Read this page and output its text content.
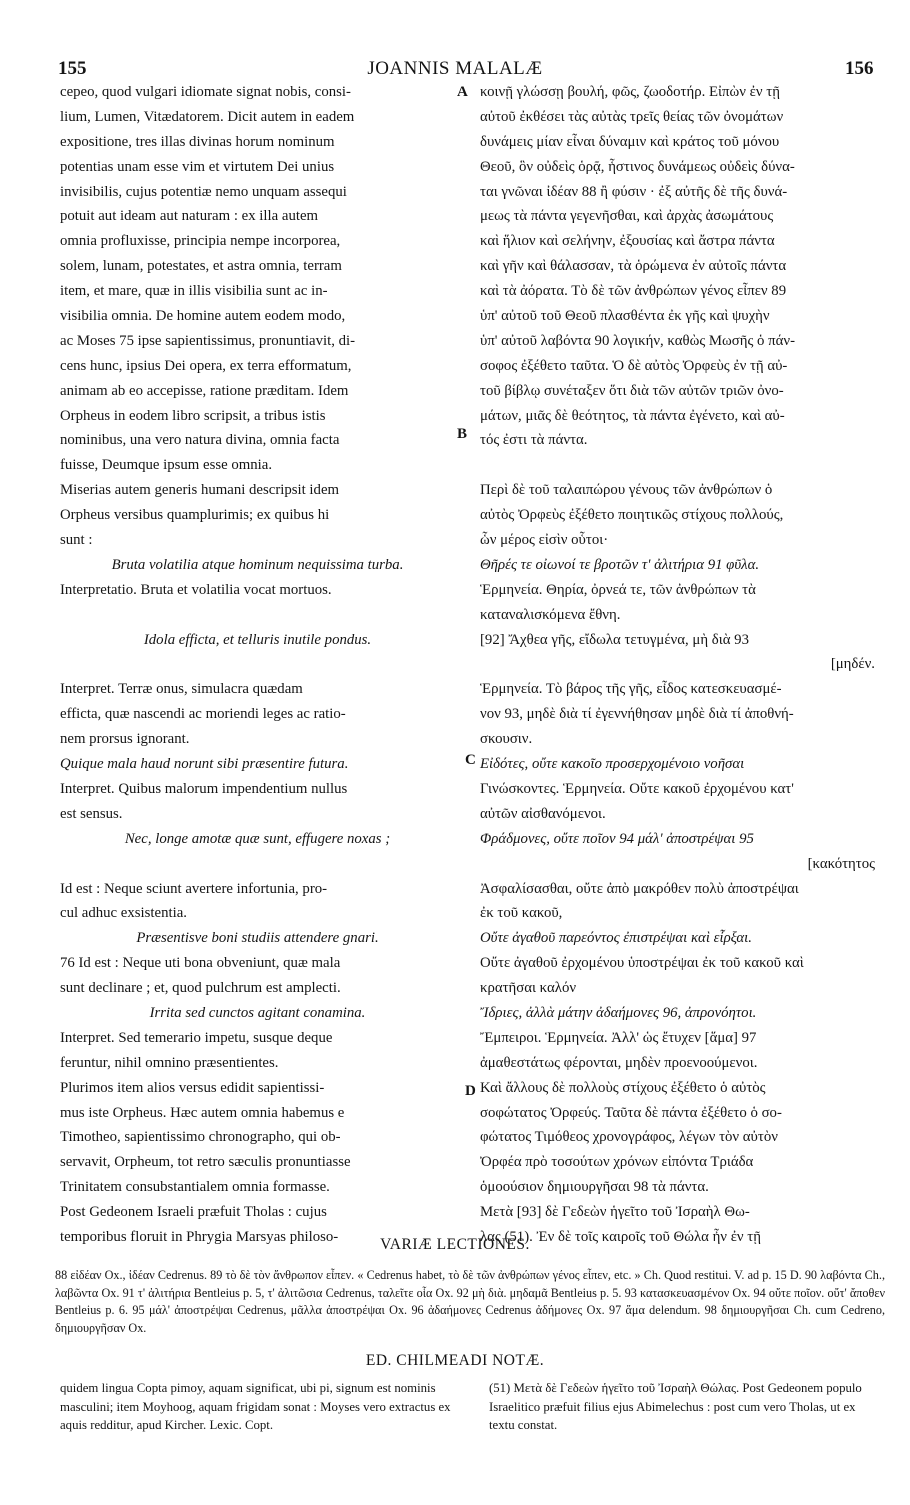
155	JOANNIS MALALÆ	156
cepeo, quod vulgari idiomate signat nobis, consi-
lium, Lumen, Vitædatorem. Dicit autem in eadem
expositione, tres illas divinas horum nominum
potentias unam esse vim et virtutem Dei unius
invisibilis, cujus potentiæ nemo unquam assequi
potuit aut ideam aut naturam : ex illa autem
omnia profluxisse, principia nempe incorporea,
solem, lunam, potestates, et astra omnia, terram
item, et mare, quæ in illis visibilia sunt ac in-
visibilia omnia. De homine autem eodem modo,
ac Moses 75 ipse sapientissimus, pronuntiavit, di-
cens hunc, ipsius Dei opera, ex terra efformatum,
animam ab eo accepisse, ratione præditam. Idem
Orpheus in eodem libro scripsit, a tribus istis
nominibus, una vero natura divina, omnia facta
fuisse, Deumque ipsum esse omnia.
Miserias autem generis humani descripsit idem
Orpheus versibus quamplurimis; ex quibus hi
sunt :
Bruta volatilia atque hominum nequissima turba.
Interpretatio. Bruta et volatilia vocat mortuos.
Idola efficta, et telluris inutile pondus.
Interpret. Terræ onus, simulacra quædam
efficta, quæ nascendi ac moriendi leges ac ratio-
nem prorsus ignorant.
Quique mala haud norunt sibi præsentire futura.
Interpret. Quibus malorum impendentium nullus
est sensus.
Nec, longe amotæ quæ sunt, effugere noxas ;
Id est : Neque sciunt avertere infortunia, pro-
cul adhuc exsistentia.
Præsentisve boni studiis attendere gnari.
76 Id est : Neque uti bona obveniunt, quæ mala
sunt declinare ; et, quod pulchrum est amplecti.
Irrita sed cunctos agitant conamina.
Interpret. Sed temerario impetu, susque deque
feruntur, nihil omnino præsentientes.
Plurimos item alios versus edidit sapientissi-
mus iste Orpheus. Hæc autem omnia habemus e
Timotheo, sapientissimo chronographo, qui ob-
servavit, Orpheum, tot retro sæculis pronuntiasse
Trinitatem consubstantialem omnia formasse.
Post Gedeonem Israeli præfuit Tholas : cujus
temporibus floruit in Phrygia Marsyas philoso-
κοινῇ γλώσσῃ βουλή, φῶς, ζωοδοτήρ. Εἰπὼν ἐν τῇ
αὐτοῦ ἐκθέσει τὰς αὐτὰς τρεῖς θείας τῶν ὀνομάτων
δυνάμεις μίαν εἶναι δύναμιν καὶ κράτος τοῦ μόνου
Θεοῦ, ὃν οὐδεὶς ὁρᾷ, ἧστινος δυνάμεως οὐδεὶς δύνα-
ται γνῶναι ἰδέαν 88 ἢ φύσιν · ἐξ αὐτῆς δὲ τῆς δυνά-
μεως τὰ πάντα γεγενῆσθαι, καὶ ἀρχὰς ἀσωμάτους
καὶ ἥλιον καὶ σελήνην, ἐξουσίας καὶ ἄστρα πάντα
καὶ γῆν καὶ θάλασσαν, τὰ ὁρώμενα ἐν αὐτοῖς πάντα
καὶ τὰ ἀόρατα. Τὸ δὲ τῶν ἀνθρώπων γένος εἶπεν 89
ὑπ' αὐτοῦ τοῦ Θεοῦ πλασθέντα ἐκ γῆς καὶ ψυχὴν
ὑπ' αὐτοῦ λαβόντα 90 λογικήν, καθὼς Μωσῆς ὁ πάν-
σοφος ἐξέθετο ταῦτα. Ὁ δὲ αὐτὸς Ὀρφεὺς ἐν τῇ αὐ-
τοῦ βίβλῳ συνέταξεν ὅτι διὰ τῶν αὐτῶν τριῶν ὀνο-
μάτων, μιᾶς δὲ θεότητος, τὰ πάντα ἐγένετο, καὶ αὐ-
τός ἐστι τὰ πάντα.
Περὶ δὲ τοῦ ταλαιπώρου γένους τῶν ἀνθρώπων ὁ
αὐτὸς Ὀρφεὺς ἐξέθετο ποιητικῶς στίχους πολλούς,
ὧν μέρος εἰσὶν οὗτοι·
Θῆρές τε οἰωνοί τε βροτῶν τ' ἀλιτήρια 91 φῦλα.
Ἑρμηνεία. Θηρία, ὀρνεά τε, τῶν ἀνθρώπων τὰ
καταναλισκόμενα ἔθνη.
[92] Ἄχθεα γῆς, εἴδωλα τετυγμένα, μὴ διὰ 93
[μηδέν.
Ἑρμηνεία. Τὸ βάρος τῆς γῆς, εἶδος κατεσκευασμέ-
νον 93, μηδὲ διὰ τί ἐγεννήθησαν μηδὲ διὰ τί ἀποθνή-
σκουσιν.
Εἰδότες, οὔτε κακοῖο προσερχομένοιο νοῆσαι
Γινώσκοντες. Ἑρμηνεία. Οὔτε κακοῦ ἐρχομένου κατ'
αὐτῶν αἰσθανόμενοι.
Φράδμονες, οὔτε ποῖον 94 μάλ' ἀποστρέψαι 95
[κακότητος
Ἀσφαλίσασθαι, οὔτε ἀπὸ μακρόθεν πολὺ ἀποστρέψαι
ἐκ τοῦ κακοῦ,
Οὔτε ἀγαθοῦ παρεόντος ἐπιστρέψαι καὶ εἶρξαι.
Οὔτε ἀγαθοῦ ἐρχομένου ὑποστρέψαι ἐκ τοῦ κακοῦ καὶ
κρατῆσαι καλόν
Ἴδριες, ἀλλὰ μάτην ἀδαήμονες 96, ἀπρονόητοι.
Ἔμπειροι. Ἑρμηνεία. Ἀλλ' ὡς ἔτυχεν [ἅμα] 97
ἀμαθεστάτως φέρονται, μηδὲν προενοούμενοι.
Καὶ ἄλλους δὲ πολλοὺς στίχους ἐξέθετο ὁ αὐτὸς
σοφώτατος Ὀρφεύς. Ταῦτα δὲ πάντα ἐξέθετο ὁ σο-
φώτατος Τιμόθεος χρονογράφος, λέγων τὸν αὐτὸν
Ὀρφέα πρὸ τοσούτων χρόνων εἰπόντα Τριάδα
ὁμοούσιον δημιουργῆσαι 98 τὰ πάντα.
Μετὰ [93] δὲ Γεδεὼν ἡγεῖτο τοῦ Ἰσραὴλ Θω-
λας (51). Ἐν δὲ τοῖς καιροῖς τοῦ Θώλα ἦν ἐν τῇ
A
B
C
D
VARIÆ LECTIONES.
88 εἰδέαν Ox., ἰδέαν Cedrenus. 89 τὸ δὲ τὸν ἄνθρωπον εἶπεν. « Cedrenus habet, τὸ δὲ τῶν ἀνθρώπων γένος εἶπεν, etc. » Ch. Quod restitui. V. ad p. 15 D. 90 λαβόντα Ch., λαβῶντα Ox. 91 τ' ἀλιτήρια Bentleius p. 5, τ' ἀλιτῶσια Cedrenus, ταλεῖτε οἷα Ox. 92 μὴ διὰ. μηδαμᾶ Bentleius p. 5. 93 κατασκευασμένον Ox. 94 οὔτε ποῖον. οὔτ' ἄποθεν Bentleius p. 6. 95 μάλ' ἀποστρέψαι Cedrenus, μᾶλλα ἀποστρέψαι Ox. 96 ἀδαήμονες Cedrenus ἀδήμονες Ox. 97 ἅμα delendum. 98 δημιουργῆσαι Ch. cum Cedreno, δημιουργῆσαν Ox.
ED. CHILMEADI NOTÆ.
quidem lingua Copta pimoy, aquam significat, ubi pi, signum est nominis masculini; item Moyhoog, aquam frigidam sonat : Moyses vero extractus ex aquis redditur, apud Kircher. Lexic. Copt.
(51) Μετὰ δὲ Γεδεὼν ἡγεῖτο τοῦ Ἰσραὴλ Θώλας. Post Gedeonem populo Israelitico præfuit filius ejus Abimelechus : post cum vero Tholas, ut ex textu constat.
